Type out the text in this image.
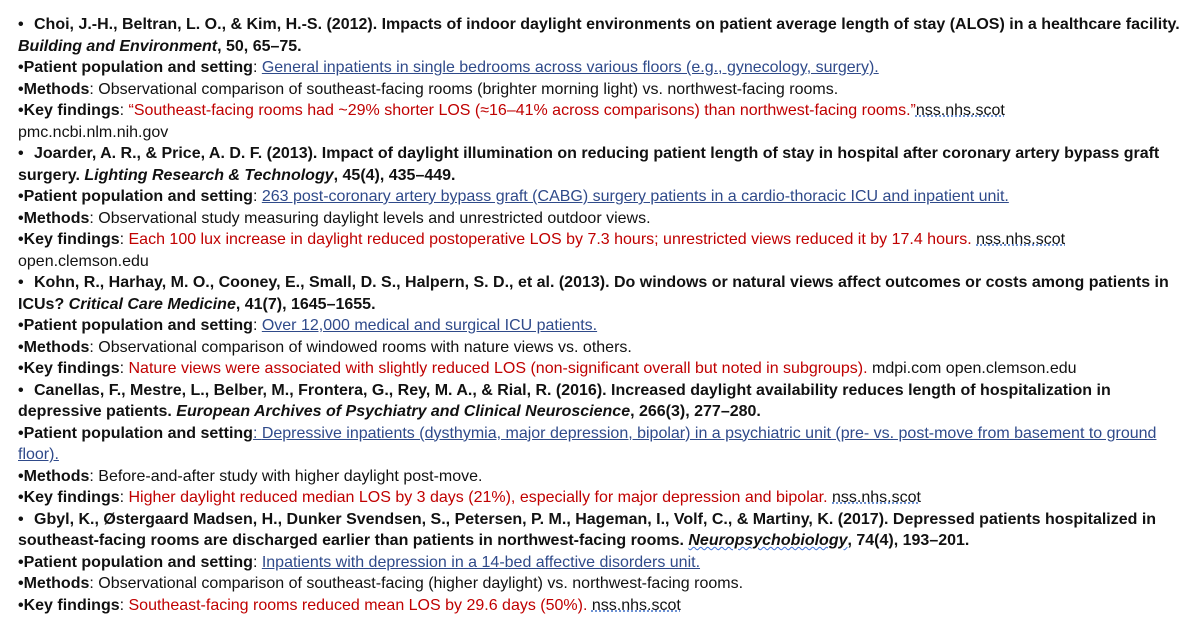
• Choi, J.-H., Beltran, L. O., & Kim, H.-S. (2012). Impacts of indoor daylight environments on patient average length of stay (ALOS) in a healthcare facility. Building and Environment, 50, 65–75.

•Patient population and setting: General inpatients in single bedrooms across various floors (e.g., gynecology, surgery).

•Methods: Observational comparison of southeast-facing rooms (brighter morning light) vs. northwest-facing rooms.

•Key findings: “Southeast-facing rooms had ~29% shorter LOS (≈16–41% across comparisons) than northwest-facing rooms.”nss.nhs.scot

pmc.ncbi.nlm.nih.gov

• Joarder, A. R., & Price, A. D. F. (2013). Impact of daylight illumination on reducing patient length of stay in hospital after coronary artery bypass graft surgery. Lighting Research & Technology, 45(4), 435–449.

•Patient population and setting: 263 post-coronary artery bypass graft (CABG) surgery patients in a cardio-thoracic ICU and inpatient unit.

•Methods: Observational study measuring daylight levels and unrestricted outdoor views.

•Key findings: Each 100 lux increase in daylight reduced postoperative LOS by 7.3 hours; unrestricted views reduced it by 17.4 hours. nss.nhs.scot

open.clemson.edu

• Kohn, R., Harhay, M. O., Cooney, E., Small, D. S., Halpern, S. D., et al. (2013). Do windows or natural views affect outcomes or costs among patients in ICUs? Critical Care Medicine, 41(7), 1645–1655.

•Patient population and setting: Over 12,000 medical and surgical ICU patients.

•Methods: Observational comparison of windowed rooms with nature views vs. others.

•Key findings: Nature views were associated with slightly reduced LOS (non-significant overall but noted in subgroups). mdpi.com open.clemson.edu

• Canellas, F., Mestre, L., Belber, M., Frontera, G., Rey, M. A., & Rial, R. (2016). Increased daylight availability reduces length of hospitalization in depressive patients. European Archives of Psychiatry and Clinical Neuroscience, 266(3), 277–280.

•Patient population and setting: Depressive inpatients (dysthymia, major depression, bipolar) in a psychiatric unit (pre- vs. post-move from basement to ground floor).

•Methods: Before-and-after study with higher daylight post-move.

•Key findings: Higher daylight reduced median LOS by 3 days (21%), especially for major depression and bipolar. nss.nhs.scot

• Gbyl, K., Østergaard Madsen, H., Dunker Svendsen, S., Petersen, P. M., Hageman, I., Volf, C., & Martiny, K. (2017). Depressed patients hospitalized in southeast-facing rooms are discharged earlier than patients in northwest-facing rooms. Neuropsychobiology, 74(4), 193–201.

•Patient population and setting: Inpatients with depression in a 14-bed affective disorders unit.

•Methods: Observational comparison of southeast-facing (higher daylight) vs. northwest-facing rooms.

•Key findings: Southeast-facing rooms reduced mean LOS by 29.6 days (50%). nss.nhs.scot
